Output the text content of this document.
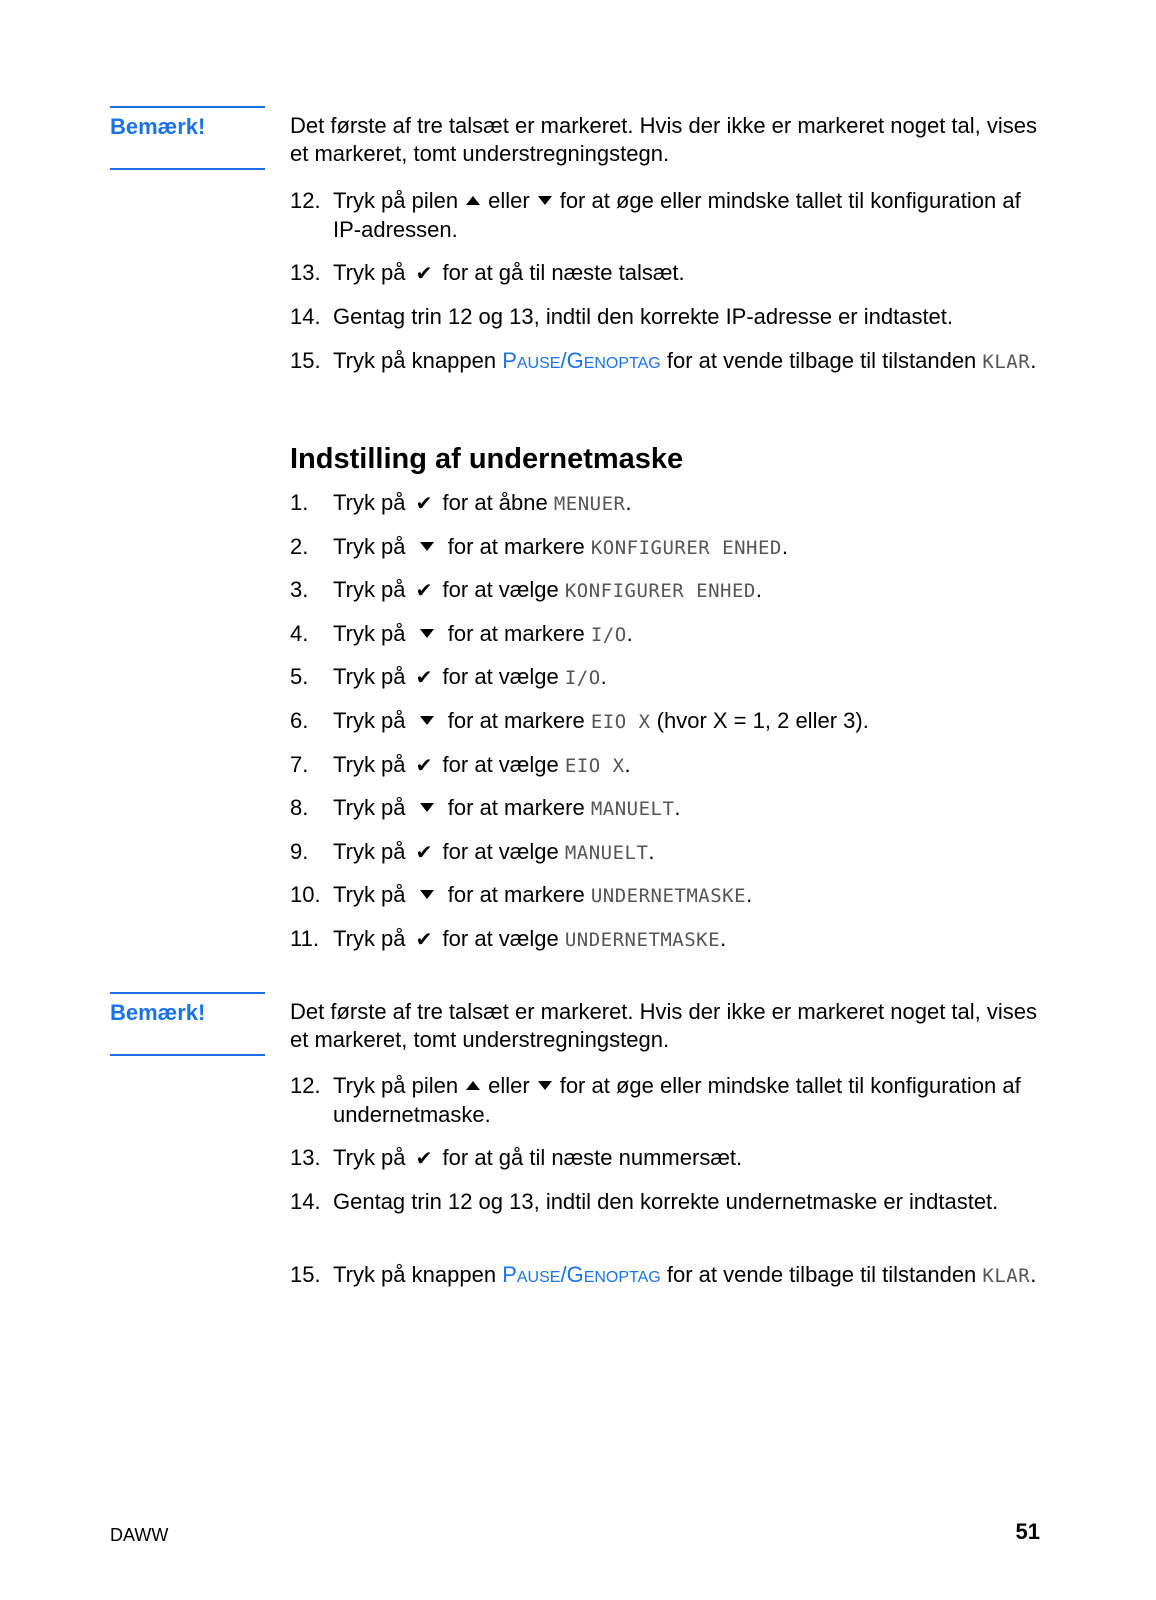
Bemærk!	Det første af tre talsæt er markeret. Hvis der ikke er markeret noget tal, vises et markeret, tomt understregningstegn.
12. Tryk på pilen eller for at øge eller mindske tallet til konfiguration af IP-adressen.
13. Tryk på ✔ for at gå til næste talsæt.
14. Gentag trin 12 og 13, indtil den korrekte IP-adresse er indtastet.
15. Tryk på knappen PAUSE/GENOPTAG for at vende tilbage til tilstanden KLAR.
Indstilling af undernetmaske
1. Tryk på ✔ for at åbne MENUER.
2. Tryk på for at markere KONFIGURER ENHED.
3. Tryk på ✔ for at vælge KONFIGURER ENHED.
4. Tryk på for at markere I/O.
5. Tryk på ✔ for at vælge I/O.
6. Tryk på for at markere EIO X (hvor X = 1, 2 eller 3).
7. Tryk på ✔ for at vælge EIO X.
8. Tryk på for at markere MANUELT.
9. Tryk på ✔ for at vælge MANUELT.
10. Tryk på for at markere UNDERNETMASKE.
11. Tryk på ✔ for at vælge UNDERNETMASKE.
Bemærk!	Det første af tre talsæt er markeret. Hvis der ikke er markeret noget tal, vises et markeret, tomt understregningstegn.
12. Tryk på pilen eller for at øge eller mindske tallet til konfiguration af undernetmaske.
13. Tryk på ✔ for at gå til næste nummersæt.
14. Gentag trin 12 og 13, indtil den korrekte undernetmaske er indtastet.
15. Tryk på knappen PAUSE/GENOPTAG for at vende tilbage til tilstanden KLAR.
DAWW	51
